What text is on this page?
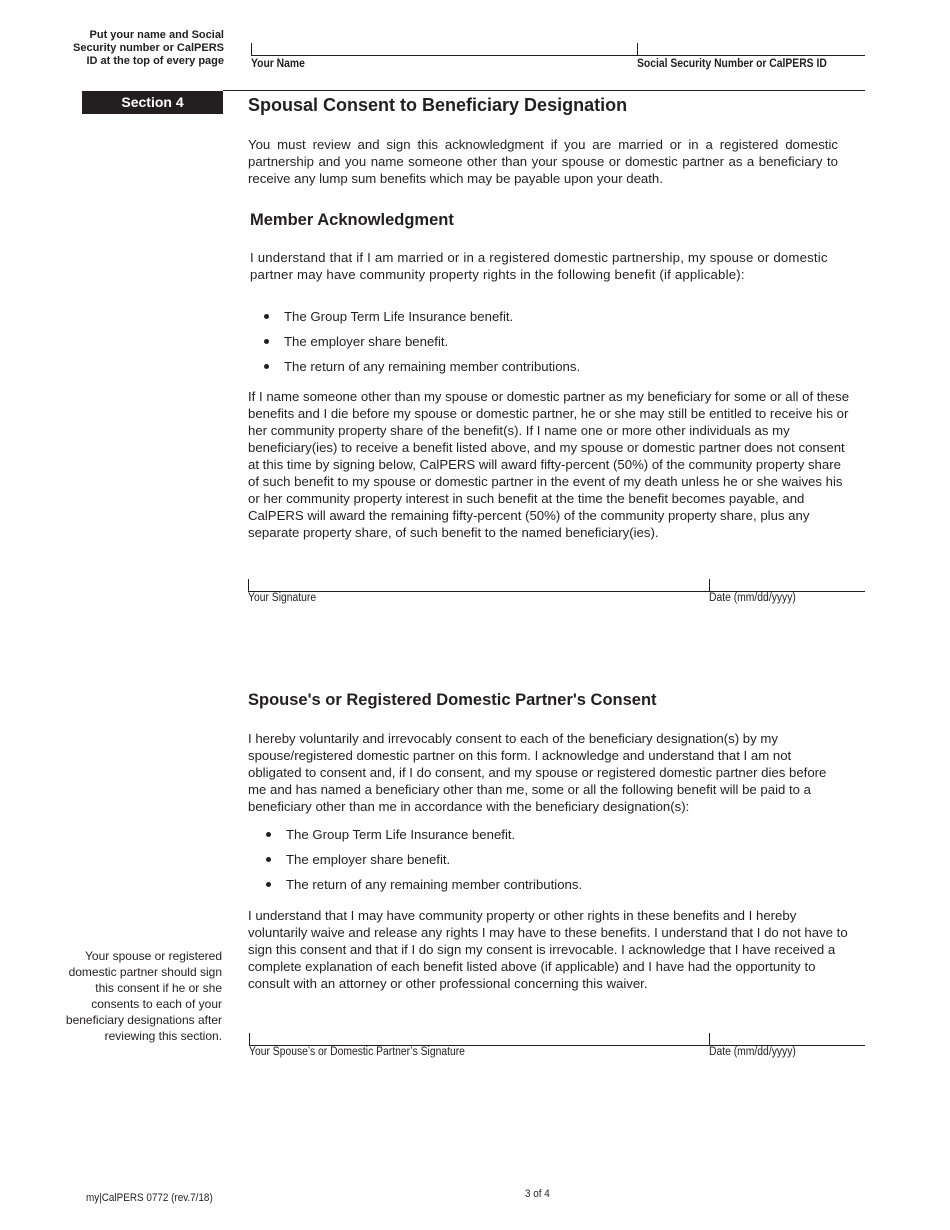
Put your name and Social
Security number or CalPERS
ID at the top of every page Your Name	Social Security Number or CalPERS ID
Section 4	Spousal Consent to Beneficiary Designation
You must review and sign this acknowledgment if you are married or in a registered domestic partnership and you name someone other than your spouse or domestic partner as a beneficiary to receive any lump sum benefits which may be payable upon your death.
Member Acknowledgment
I understand that if I am married or in a registered domestic partnership, my spouse or domestic partner may have community property rights in the following benefit (if applicable):
The Group Term Life Insurance benefit.
The employer share benefit.
The return of any remaining member contributions.
If I name someone other than my spouse or domestic partner as my beneficiary for some or all of these benefits and I die before my spouse or domestic partner, he or she may still be entitled to receive his or her community property share of the benefit(s). If I name one or more other individuals as my beneficiary(ies) to receive a benefit listed above, and my spouse or domestic partner does not consent at this time by signing below, CalPERS will award fifty-percent (50%) of the community property share of such benefit to my spouse or domestic partner in the event of my death unless he or she waives his or her community property interest in such benefit at the time the benefit becomes payable, and CalPERS will award the remaining fifty-percent (50%) of the community property share, plus any separate property share, of such benefit to the named beneficiary(ies).
Your Signature	Date (mm/dd/yyyy)
Spouse's or Registered Domestic Partner's Consent
I hereby voluntarily and irrevocably consent to each of the beneficiary designation(s) by my spouse/registered domestic partner on this form. I acknowledge and understand that I am not obligated to consent and, if I do consent, and my spouse or registered domestic partner dies before me and has named a beneficiary other than me, some or all the following benefit will be paid to a beneficiary other than me in accordance with the beneficiary designation(s):
The Group Term Life Insurance benefit.
The employer share benefit.
The return of any remaining member contributions.
I understand that I may have community property or other rights in these benefits and I hereby voluntarily waive and release any rights I may have to these benefits. I understand that I do not have to sign this consent and that if I do sign my consent is irrevocable. I acknowledge that I have received a complete explanation of each benefit listed above (if applicable) and I have had the opportunity to consult with an attorney or other professional concerning this waiver.
Your spouse or registered
domestic partner should sign
this consent if he or she
consents to each of your
beneficiary designations after
reviewing this section.
Your Spouse’s or Domestic Partner’s Signature	Date (mm/dd/yyyy)
my|CalPERS 0772 (rev.7/18)	3 of 4
